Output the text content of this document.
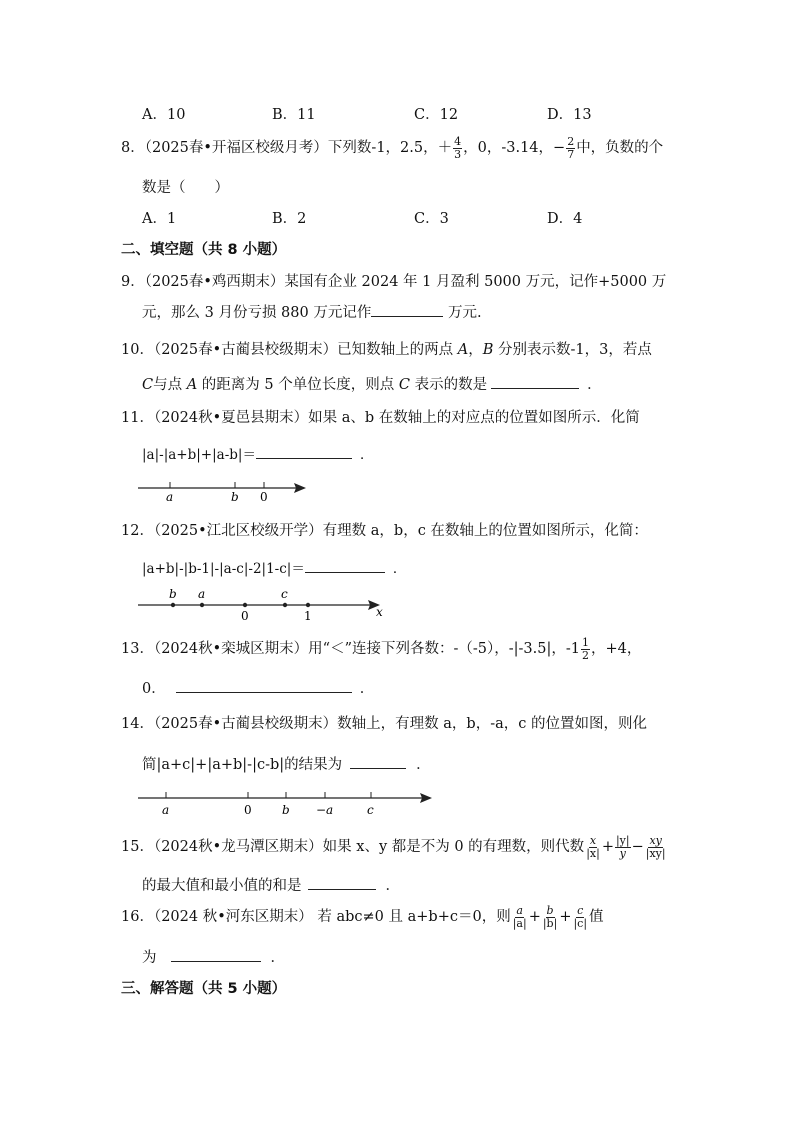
A．10	B．11	C．12	D．13
8．（2025春•开福区校级月考）下列数-1，2.5，＋ $\frac{4}{3}$ ，0，-3.14，− $\frac{2}{7}$ 中，负数的个
数是（　　）
A．1	B．2	C．3	D．4
二、填空题（共 8 小题）
9．（2025春•鸡西期末）某国有企业 2024 年 1 月盈利 5000 万元，记作+5000 万
元，那么 3 月份亏损 880 万元记作	万元.
10．（2025春•古蔺县校级期末）已知数轴上的两点 A，B 分别表示数-1，3，若点
C与点 A 的距离为 5 个单位长度，则点 C 表示的数是	．
11．（2024秋•夏邑县期末）如果 a、b 在数轴上的对应点的位置如图所示．化简
|a|-|a+b|+|a-b|＝	．
a	b 0
12．（2025•江北区校级开学）有理数 a，b，c 在数轴上的位置如图所示，化简：
|a+b|-|b-1|-|a-c|-2|1-c|＝	．
b a	c
0	1	x
13．（2024秋•栾城区期末）用“＜”连接下列各数：-（-5），-|-3.5|，$-1 \frac{1}{2}$ ，+4，
0．	．
14．（2025春•古蔺县校级期末）数轴上，有理数 a，b，-a，c 的位置如图，则化
简|a+c|+|a+b|-|c-b|的结果为	．
a	0	b −a	c
15．（2024秋•龙马潭区期末）如果 x、y 都是不为 0 的有理数，则代数 $\frac{x}{|x|} + \frac{|y|}{y} - \frac{xy}{|xy|}$
的最大值和最小值的和是	．
16．（2024 秋•河东区期末） 若 abc≠0 且 a+b+c＝0，则 $\frac{a}{|a|} + \frac{b}{|b|} + \frac{c}{|c|}$ 值
为	．
三、解答题（共 5 小题）
